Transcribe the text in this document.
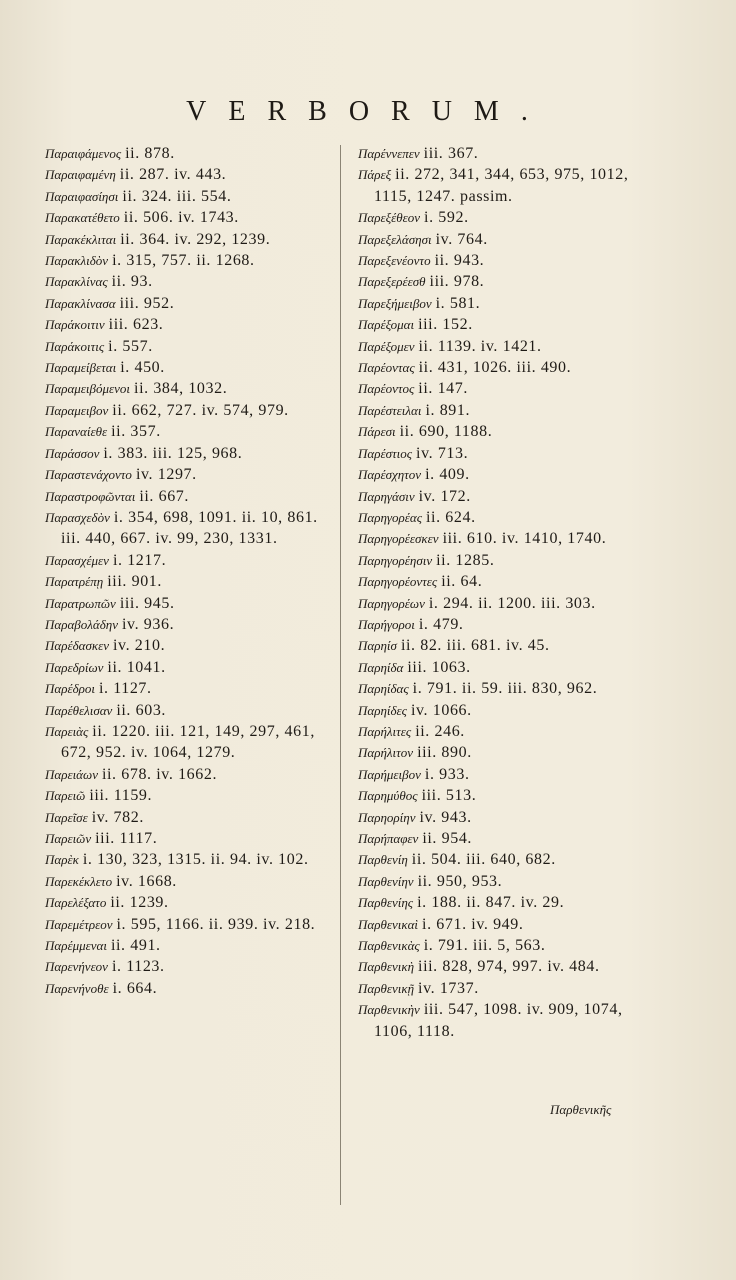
VERBORUM.

Παραιφάμενος ii. 878.

Παραιφαμένη ii. 287. iv. 443.

Παραιφασίησι ii. 324. iii. 554.

Παρακατέθετο ii. 506. iv. 1743.

Παρακέκλιται ii. 364. iv. 292, 1239.

Παρακλιδὸν i. 315, 757. ii. 1268.

Παρακλίνας ii. 93.

Παρακλίνασα iii. 952.

Παράκοιτιν iii. 623.

Παράκοιτις i. 557.

Παραμείβεται i. 450.

Παραμειβόμενοι ii. 384, 1032.

Παραμειβον ii. 662, 727. iv. 574, 979.

Παραναίεθε ii. 357.

Παράσσον i. 383. iii. 125, 968.

Παραστενάχοντο iv. 1297.

Παραστροφῶνται ii. 667.

Παρασχεδὸν i. 354, 698, 1091. ii. 10, 861. iii. 440, 667. iv. 99, 230, 1331.

Παρασχέμεν i. 1217.

Παρατρέπῃ iii. 901.

Παρατρωπῶν iii. 945.

Παραβολάδην iv. 936.

Παρέδασκεν iv. 210.

Παρεδρίων ii. 1041.

Παρέδροι i. 1127.

Παρέθελισαν ii. 603.

Παρειὰς ii. 1220. iii. 121, 149, 297, 461, 672, 952. iv. 1064, 1279.

Παρειάων ii. 678. iv. 1662.

Παρειῶ iii. 1159.

Παρεῖσε iv. 782.

Παρειῶν iii. 1117.

Παρὲκ i. 130, 323, 1315. ii. 94. iv. 102.

Παρεκέκλετο iv. 1668.

Παρελέξατο ii. 1239.

Παρεμέτρεον i. 595, 1166. ii. 939. iv. 218.

Παρέμμεναι ii. 491.

Παρενήνεον i. 1123.

Παρενήνοθε i. 664.

Παρέννεπεν iii. 367.

Πάρεξ ii. 272, 341, 344, 653, 975, 1012, 1115, 1247. passim.

Παρεξέθεον i. 592.

Παρεξελάσησι iv. 764.

Παρεξενέοντο ii. 943.

Παρεξερέεσθ iii. 978.

Παρεξήμειβον i. 581.

Παρέξομαι iii. 152.

Παρέξομεν ii. 1139. iv. 1421.

Παρέοντας ii. 431, 1026. iii. 490.

Παρέοντος ii. 147.

Παρέστειλαι i. 891.

Πάρεσι ii. 690, 1188.

Παρέστιος iv. 713.

Παρέσχητον i. 409.

Παρηγάσιν iv. 172.

Παρηγορέας ii. 624.

Παρηγορέεσκεν iii. 610. iv. 1410, 1740.

Παρηγορέησιν ii. 1285.

Παρηγορέοντες ii. 64.

Παρηγορέων i. 294. ii. 1200. iii. 303.

Παρήγοροι i. 479.

Παρηίσ ii. 82. iii. 681. iv. 45.

Παρηίδα iii. 1063.

Παρηίδας i. 791. ii. 59. iii. 830, 962.

Παρηίδες iv. 1066.

Παρήλιτες ii. 246.

Παρήλιτον iii. 890.

Παρήμειβον i. 933.

Παρημύθος iii. 513.

Παρηορίην iv. 943.

Παρήπαφεν ii. 954.

Παρθενίη ii. 504. iii. 640, 682.

Παρθενίην ii. 950, 953.

Παρθενίης i. 188. ii. 847. iv. 29.

Παρθενικαὶ i. 671. iv. 949.

Παρθενικὰς i. 791. iii. 5, 563.

Παρθενικὴ iii. 828, 974, 997. iv. 484.

Παρθενικῇ iv. 1737.

Παρθενικὴν iii. 547, 1098. iv. 909, 1074, 1106, 1118.

Παρθενικῆς
